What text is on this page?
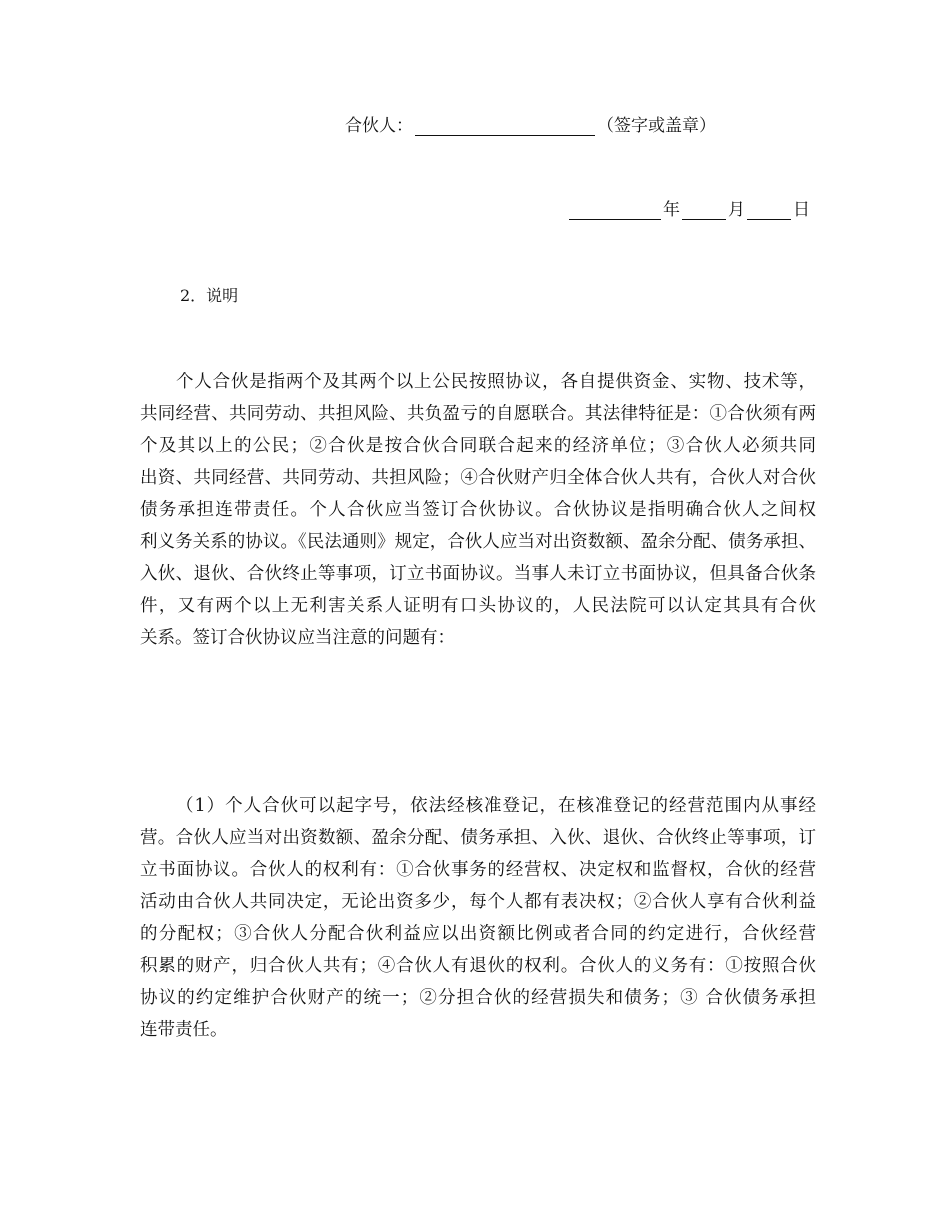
合伙人：	（签字或盖章）
年	月	日
2．说明
个人合伙是指两个及其两个以上公民按照协议，各自提供资金、实物、技术等，
共同经营、共同劳动、共担风险、共负盈亏的自愿联合。其法律特征是：①合伙须有两
个及其以上的公民；②合伙是按合伙合同联合起来的经济单位；③合伙人必须共同
出资、共同经营、共同劳动、共担风险；④合伙财产归全体合伙人共有，合伙人对合伙
债务承担连带责任。个人合伙应当签订合伙协议。合伙协议是指明确合伙人之间权
利义务关系的协议。《民法通则》规定，合伙人应当对出资数额、盈余分配、债务承担、
入伙、退伙、合伙终止等事项，订立书面协议。当事人未订立书面协议，但具备合伙条
件，又有两个以上无利害关系人证明有口头协议的，人民法院可以认定其具有合伙
关系。签订合伙协议应当注意的问题有：
（1）个人合伙可以起字号，依法经核准登记，在核准登记的经营范围内从事经
营。合伙人应当对出资数额、盈余分配、债务承担、入伙、退伙、合伙终止等事项，订
立书面协议。合伙人的权利有：①合伙事务的经营权、决定权和监督权，合伙的经营
活动由合伙人共同决定，无论出资多少，每个人都有表决权；②合伙人享有合伙利益
的分配权；③合伙人分配合伙利益应以出资额比例或者合同的约定进行，合伙经营
积累的财产，归合伙人共有；④合伙人有退伙的权利。合伙人的义务有：①按照合伙
协议的约定维护合伙财产的统一；②分担合伙的经营损失和债务；③ 合伙债务承担
连带责任。
